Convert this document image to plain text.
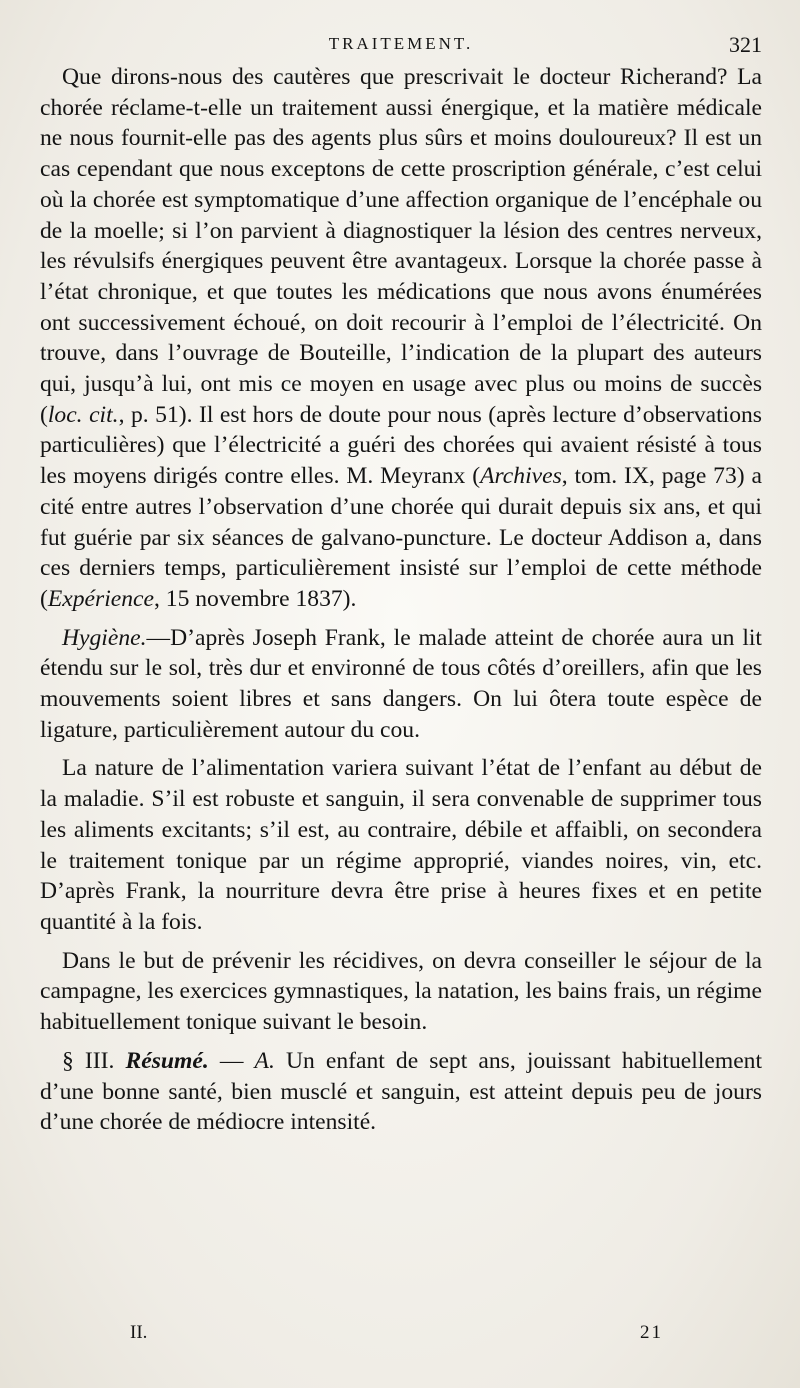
TRAITEMENT.	321

Que dirons-nous des cautères que prescrivait le docteur Richerand? La chorée réclame-t-elle un traitement aussi énergique, et la matière médicale ne nous fournit-elle pas des agents plus sûrs et moins douloureux? Il est un cas cependant que nous exceptons de cette proscription générale, c’est celui où la chorée est symptomatique d’une affection organique de l’encéphale ou de la moelle; si l’on parvient à diagnostiquer la lésion des centres nerveux, les révulsifs énergiques peuvent être avantageux. Lorsque la chorée passe à l’état chronique, et que toutes les médications que nous avons énumérées ont successivement échoué, on doit recourir à l’emploi de l’électricité. On trouve, dans l’ouvrage de Bouteille, l’indication de la plupart des auteurs qui, jusqu’à lui, ont mis ce moyen en usage avec plus ou moins de succès (loc. cit., p. 51). Il est hors de doute pour nous (après lecture d’observations particulières) que l’électricité a guéri des chorées qui avaient résisté à tous les moyens dirigés contre elles. M. Meyranx (Archives, tom. IX, page 73) a cité entre autres l’observation d’une chorée qui durait depuis six ans, et qui fut guérie par six séances de galvano-puncture. Le docteur Addison a, dans ces derniers temps, particulièrement insisté sur l’emploi de cette méthode (Expérience, 15 novembre 1837).

Hygiène.—D’après Joseph Frank, le malade atteint de chorée aura un lit étendu sur le sol, très dur et environné de tous côtés d’oreillers, afin que les mouvements soient libres et sans dangers. On lui ôtera toute espèce de ligature, particulièrement autour du cou.

La nature de l’alimentation variera suivant l’état de l’enfant au début de la maladie. S’il est robuste et sanguin, il sera convenable de supprimer tous les aliments excitants; s’il est, au contraire, débile et affaibli, on secondera le traitement tonique par un régime approprié, viandes noires, vin, etc. D’après Frank, la nourriture devra être prise à heures fixes et en petite quantité à la fois.

Dans le but de prévenir les récidives, on devra conseiller le séjour de la campagne, les exercices gymnastiques, la natation, les bains frais, un régime habituellement tonique suivant le besoin.

§ III. Résumé. — A. Un enfant de sept ans, jouissant habituellement d’une bonne santé, bien musclé et sanguin, est atteint depuis peu de jours d’une chorée de médiocre intensité.

II.	21
